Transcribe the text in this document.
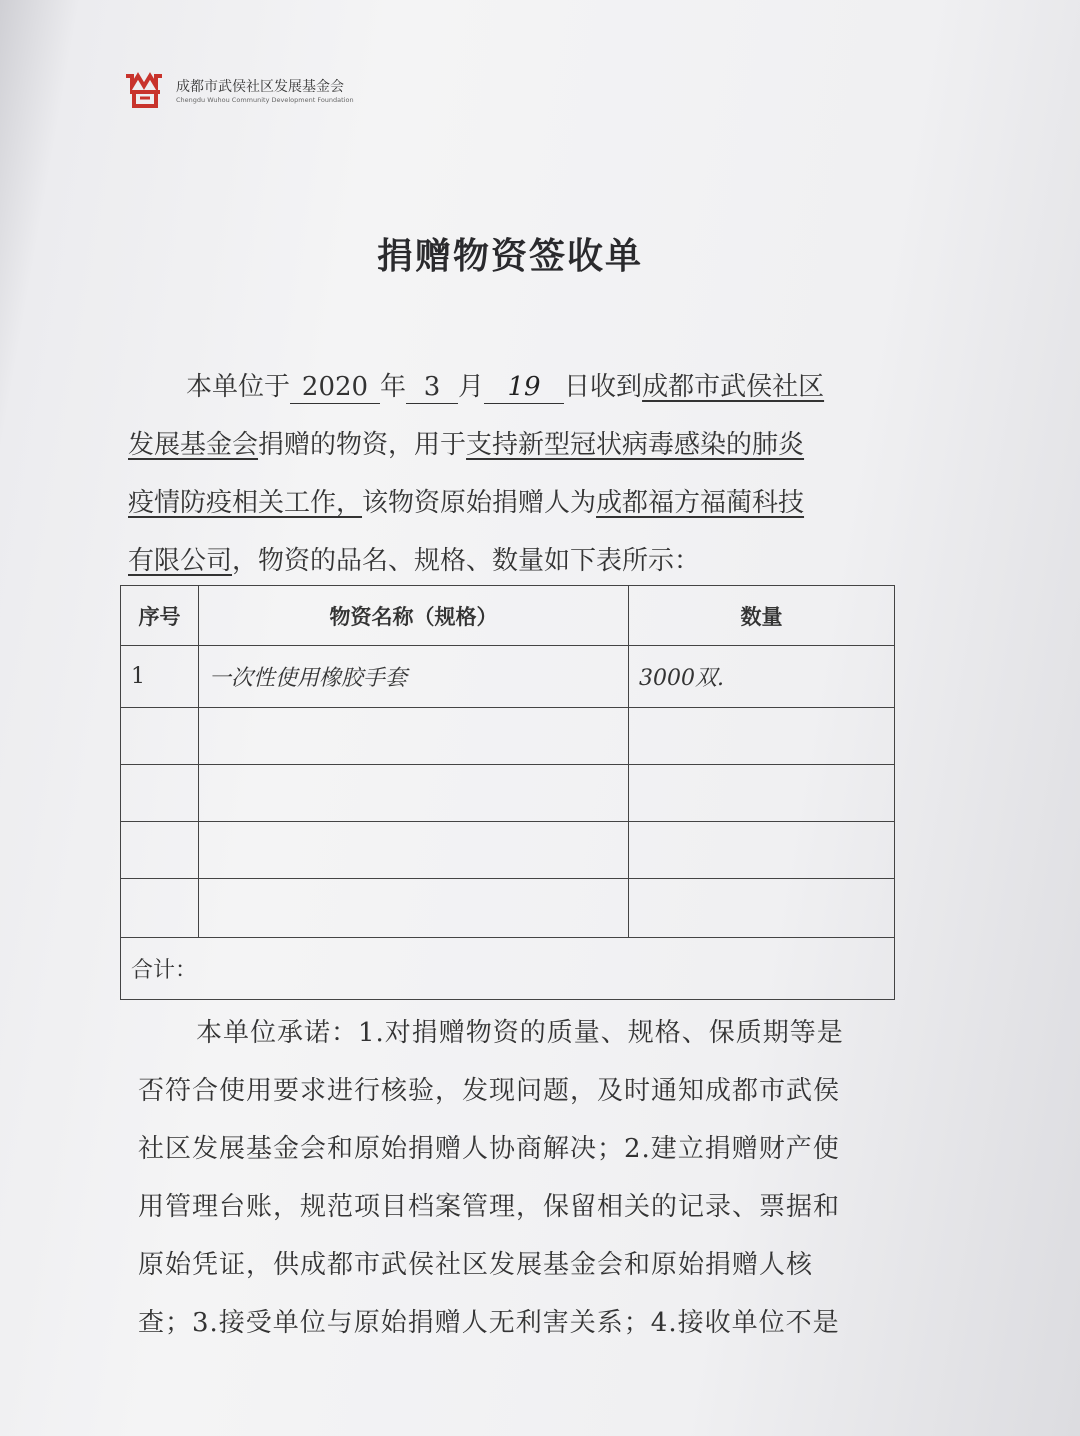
成都市武侯社区发展基金会
Chengdu Wuhou Community Development Foundation
捐赠物资签收单
本单位于 2020 年 3 月 19 日收到成都市武侯社区
发展基金会捐赠的物资，用于支持新型冠状病毒感染的肺炎
疫情防疫相关工作，该物资原始捐赠人为成都福方福蔺科技
有限公司，物资的品名、规格、数量如下表所示：
序号	物资名称（规格）	数量
1	一次性使用橡胶手套	3000双.

合计：		
本单位承诺：1.对捐赠物资的质量、规格、保质期等是
否符合使用要求进行核验，发现问题，及时通知成都市武侯
社区发展基金会和原始捐赠人协商解决；2.建立捐赠财产使
用管理台账，规范项目档案管理，保留相关的记录、票据和
原始凭证，供成都市武侯社区发展基金会和原始捐赠人核
查；3.接受单位与原始捐赠人无利害关系；4.接收单位不是
